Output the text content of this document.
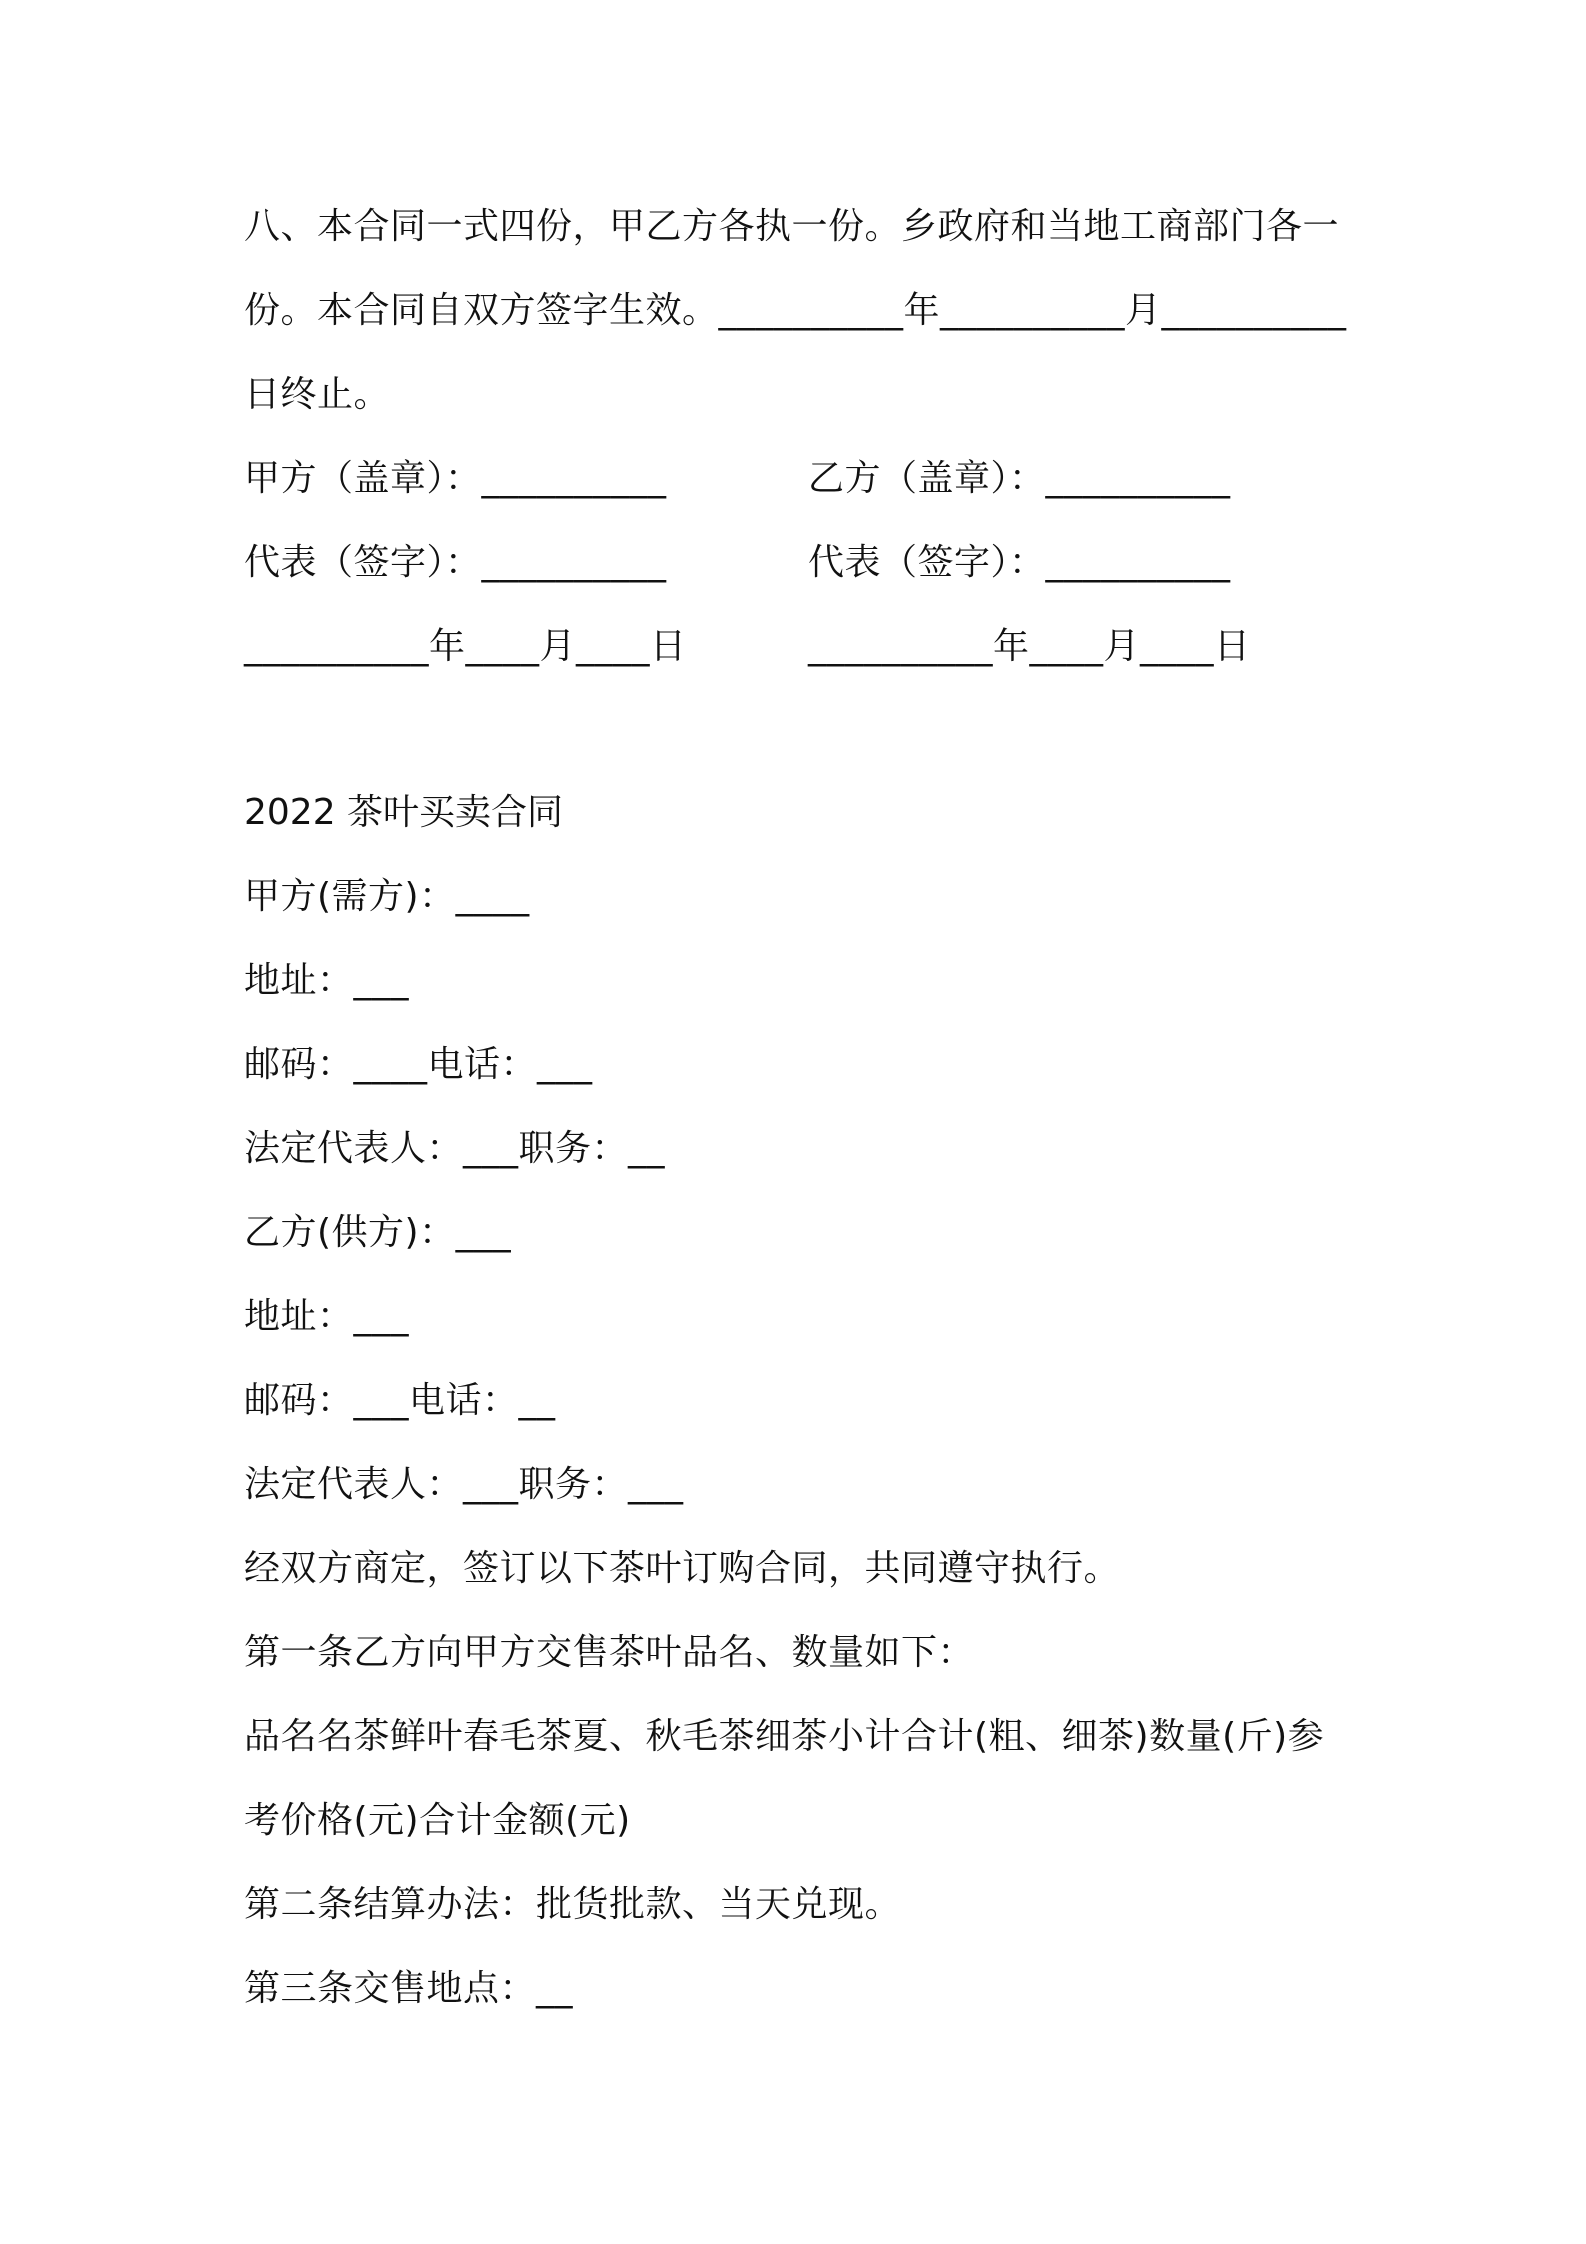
八、本合同一式四份，甲乙方各执一份。乡政府和当地工商部门各一
份。本合同自双方签字生效。__________年__________月__________
日终止。
甲方（盖章）：__________	乙方（盖章）：__________
代表（签字）：__________	代表（签字）：__________
__________年____月____日	__________年____月____日
2022 茶叶买卖合同
甲方(需方)：____
地址：___
邮码：____电话：___
法定代表人：___职务：__
乙方(供方)：___
地址：___
邮码：___电话：__
法定代表人：___职务：___
经双方商定，签订以下茶叶订购合同，共同遵守执行。
第一条乙方向甲方交售茶叶品名、数量如下：
品名名茶鲜叶春毛茶夏、秋毛茶细茶小计合计(粗、细茶)数量(斤)参
考价格(元)合计金额(元)
第二条结算办法：批货批款、当天兑现。
第三条交售地点：__
